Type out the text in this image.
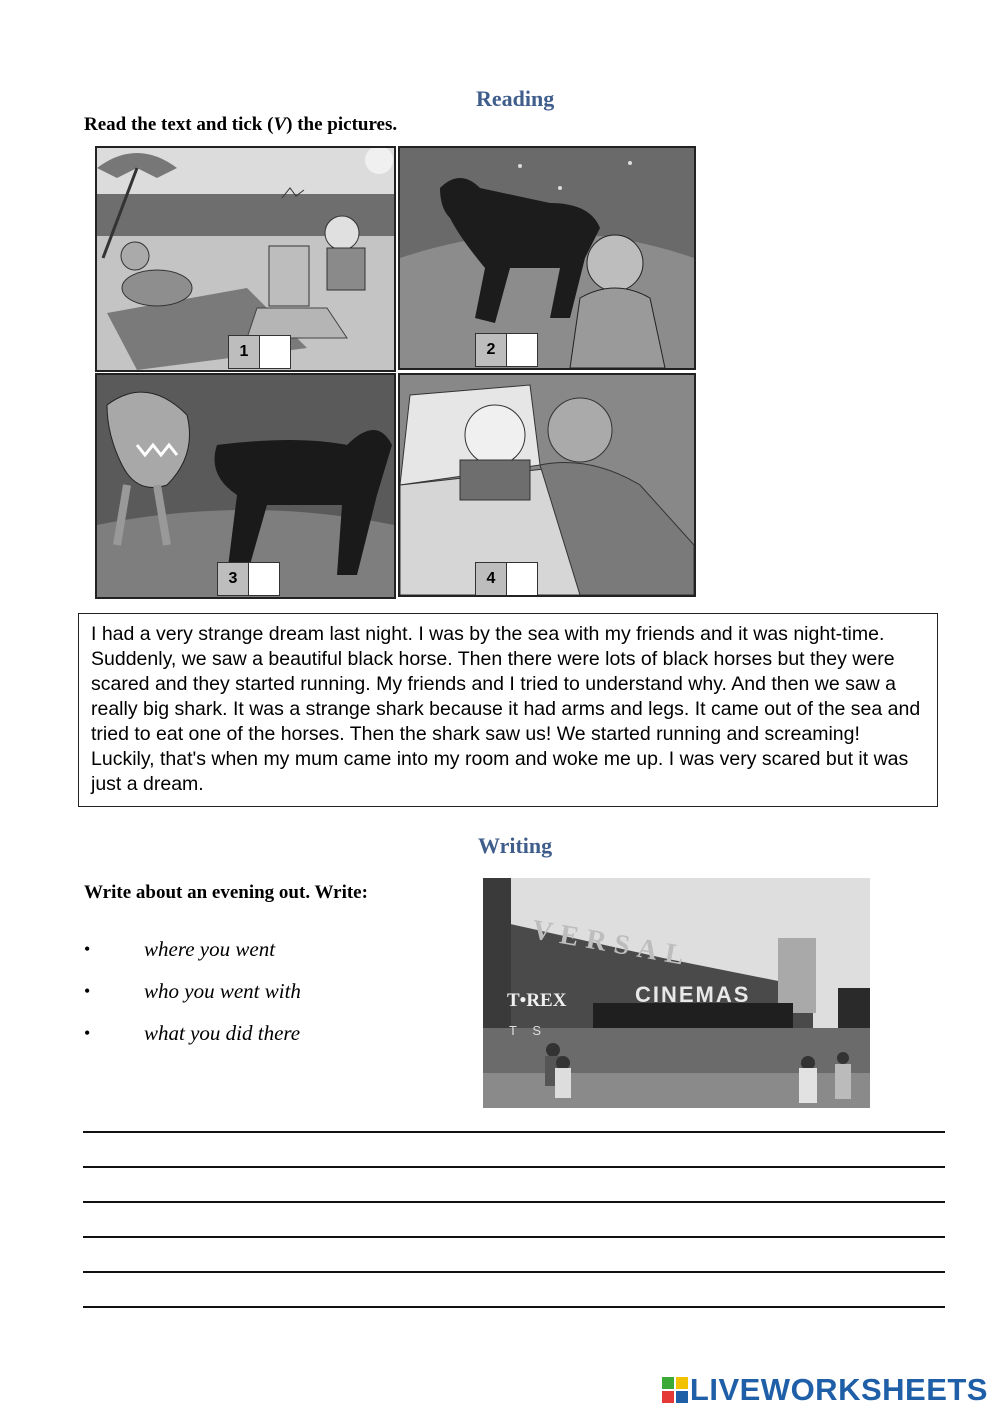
Reading
Read the text and tick (V) the pictures.
1	2
3	4
I had a very strange dream last night. I was by the sea with my friends and it was night-time. Suddenly, we saw a beautiful black horse. Then there were lots of black horses but they were scared and they started running. My friends and I tried to understand why. And then we saw a really big shark. It was a strange shark because it had arms and legs. It came out of the sea and tried to eat one of the horses. Then the shark saw us! We started running and screaming! Luckily, that's when my mum came into my room and woke me up. I was very scared but it was just a dream.
Writing
Write about an evening out. Write:
•	where you went
•	who you went with
•	what you did there
VERSAL
CINEMAS
T•REX
T S
LIVEWORKSHEETS
